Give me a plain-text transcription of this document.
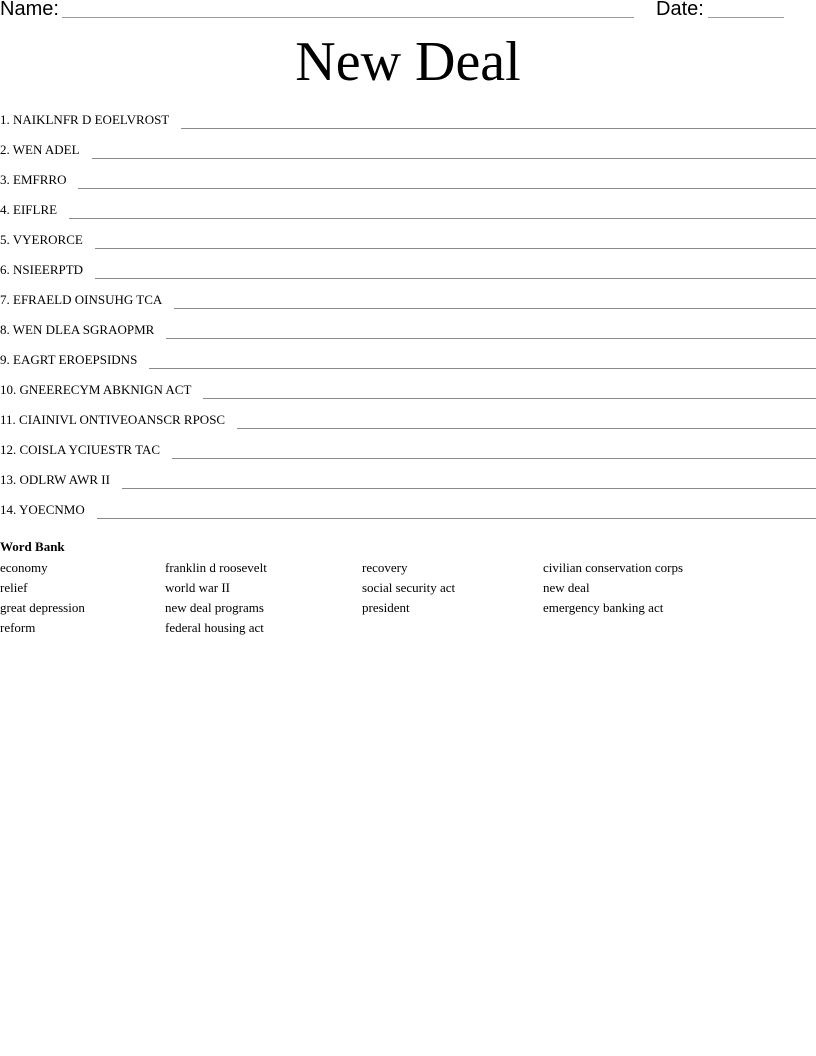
Name:	Date:
New Deal
1. NAIKLNFR D EOELVROST
2. WEN ADEL
3. EMFRRO
4. EIFLRE
5. VYERORCE
6. NSIEERPTD
7. EFRAELD OINSUHG TCA
8. WEN DLEA SGRAOPMR
9. EAGRT EROEPSIDNS
10. GNEERECYM ABKNIGN ACT
11. CIAINIVL ONTIVEOANSCR RPOSC
12. COISLA YCIUESTR TAC
13. ODLRW AWR II
14. YOECNMO
Word Bank
economy
relief
great depression
reform
franklin d roosevelt
world war II
new deal programs
federal housing act
recovery
social security act
president
civilian conservation corps
new deal
emergency banking act
